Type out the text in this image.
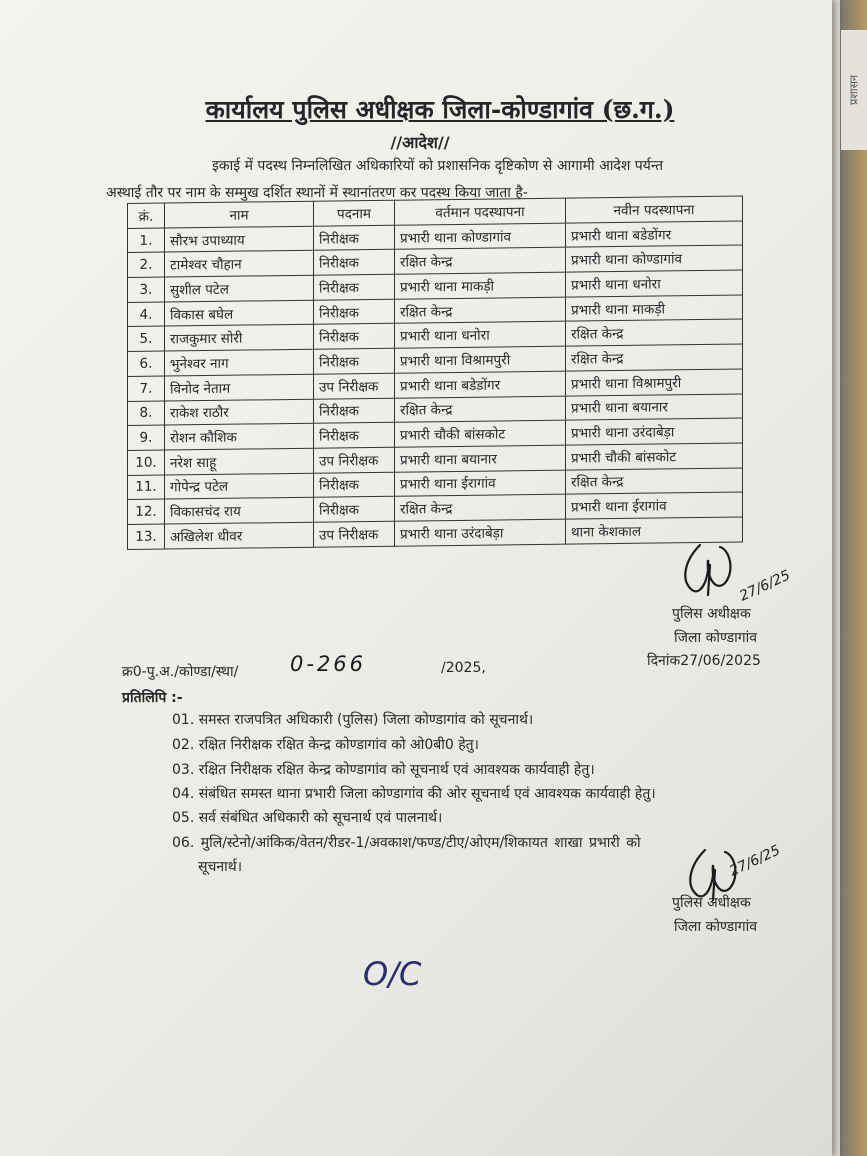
प्रशासन
कार्यालय पुलिस अधीक्षक जिला-कोण्डागांव (छ.ग.)
//आदेश//
इकाई में पदस्थ निम्नलिखित अधिकारियों को प्रशासनिक दृष्टिकोण से आगामी आदेश पर्यन्त
अस्थाई तौर पर नाम के सम्मुख दर्शित स्थानों में स्थानांतरण कर पदस्थ किया जाता है-
क्रं.	नाम	पदनाम	वर्तमान पदस्थापना	नवीन पदस्थापना
1.	सौरभ उपाध्याय	निरीक्षक	प्रभारी थाना कोण्डागांव	प्रभारी थाना बडेडोंगर
2.	टामेश्वर चौहान	निरीक्षक	रक्षित केन्द्र	प्रभारी थाना कोण्डागांव
3.	सुशील पटेल	निरीक्षक	प्रभारी थाना माकड़ी	प्रभारी थाना धनोरा
4.	विकास बघेल	निरीक्षक	रक्षित केन्द्र	प्रभारी थाना माकड़ी
5.	राजकुमार सोरी	निरीक्षक	प्रभारी थाना धनोरा	रक्षित केन्द्र
6.	भुनेश्वर नाग	निरीक्षक	प्रभारी थाना विश्रामपुरी	रक्षित केन्द्र
7.	विनोद नेताम	उप निरीक्षक	प्रभारी थाना बडेडोंगर	प्रभारी थाना विश्रामपुरी
8.	राकेश राठौर	निरीक्षक	रक्षित केन्द्र	प्रभारी थाना बयानार
9.	रोशन कौशिक	निरीक्षक	प्रभारी चौकी बांसकोट	प्रभारी थाना उरंदाबेड़ा
10.	नरेश साहू	उप निरीक्षक	प्रभारी थाना बयानार	प्रभारी चौकी बांसकोट
11.	गोपेन्द्र पटेल	निरीक्षक	प्रभारी थाना ईरागांव	रक्षित केन्द्र
12.	विकासचंद राय	निरीक्षक	रक्षित केन्द्र	प्रभारी थाना ईरागांव
13.	अखिलेश धीवर	उप निरीक्षक	प्रभारी थाना उरंदाबेड़ा	थाना केशकाल
27/6/25
पुलिस अधीक्षक
जिला कोण्डागांव
क्र0-पु.अ./कोण्डा/स्था/ 0-266	/2025,	दिनांक27/06/2025
प्रतिलिपि :-
01. समस्त राजपत्रित अधिकारी (पुलिस) जिला कोण्डागांव को सूचनार्थ।
02. रक्षित निरीक्षक रक्षित केन्द्र कोण्डागांव को ओ0बी0 हेतु।
03. रक्षित निरीक्षक रक्षित केन्द्र कोण्डागांव को सूचनार्थ एवं आवश्यक कार्यवाही हेतु।
04. संबंधित समस्त थाना प्रभारी जिला कोण्डागांव की ओर सूचनार्थ एवं आवश्यक कार्यवाही हेतु।
05. सर्व संबंधित अधिकारी को सूचनार्थ एवं पालनार्थ।
06. मुलि/स्टेनो/आंकिक/वेतन/रीडर-1/अवकाश/फण्ड/टीए/ओएम/शिकायत शाखा प्रभारी को
सूचनार्थ।	27/6/25
पुलिस अधीक्षक
जिला कोण्डागांव
O/C
